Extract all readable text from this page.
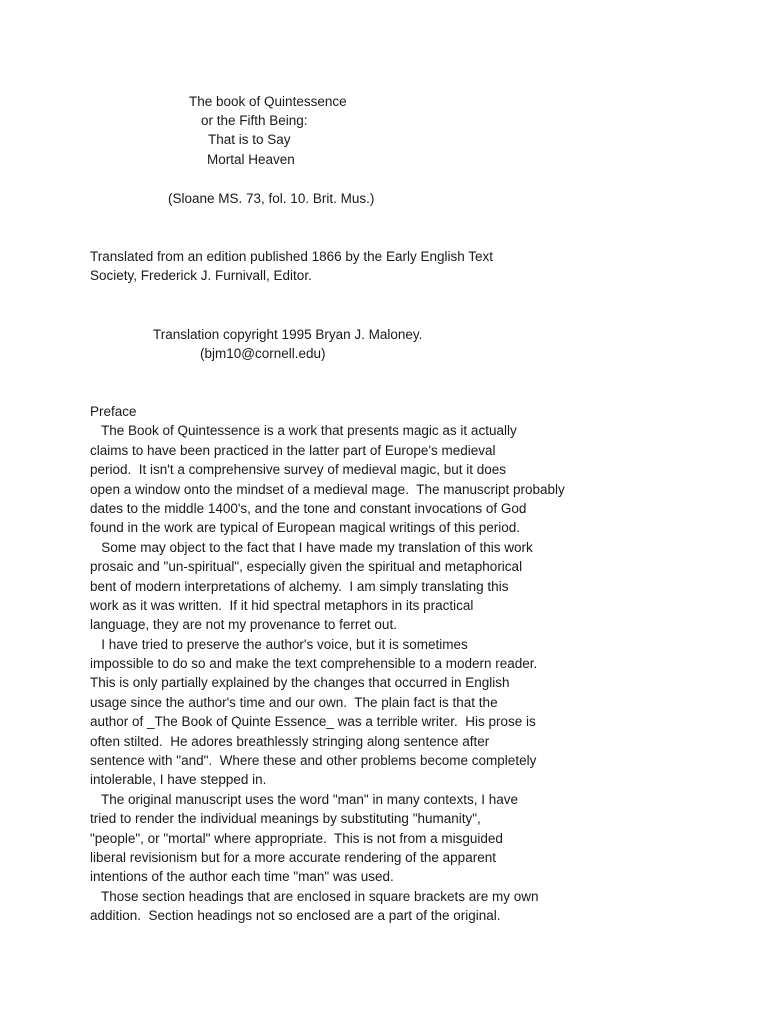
The book of Quintessence
or the Fifth Being:
That is to Say
Mortal Heaven
(Sloane MS. 73, fol. 10. Brit. Mus.)
Translated from an edition published 1866 by the Early English Text
Society, Frederick J. Furnivall, Editor.
Translation copyright 1995 Bryan J. Maloney.
(bjm10@cornell.edu)
Preface
The Book of Quintessence is a work that presents magic as it actually
claims to have been practiced in the latter part of Europe's medieval
period.  It isn't a comprehensive survey of medieval magic, but it does
open a window onto the mindset of a medieval mage.  The manuscript probably
dates to the middle 1400's, and the tone and constant invocations of God
found in the work are typical of European magical writings of this period.
Some may object to the fact that I have made my translation of this work
prosaic and "un-spiritual", especially given the spiritual and metaphorical
bent of modern interpretations of alchemy.  I am simply translating this
work as it was written.  If it hid spectral metaphors in its practical
language, they are not my provenance to ferret out.
I have tried to preserve the author's voice, but it is sometimes
impossible to do so and make the text comprehensible to a modern reader.
This is only partially explained by the changes that occurred in English
usage since the author's time and our own.  The plain fact is that the
author of _The Book of Quinte Essence_ was a terrible writer.  His prose is
often stilted.  He adores breathlessly stringing along sentence after
sentence with "and".  Where these and other problems become completely
intolerable, I have stepped in.
The original manuscript uses the word "man" in many contexts, I have
tried to render the individual meanings by substituting "humanity",
"people", or "mortal" where appropriate.  This is not from a misguided
liberal revisionism but for a more accurate rendering of the apparent
intentions of the author each time "man" was used.
Those section headings that are enclosed in square brackets are my own
addition.  Section headings not so enclosed are a part of the original.
